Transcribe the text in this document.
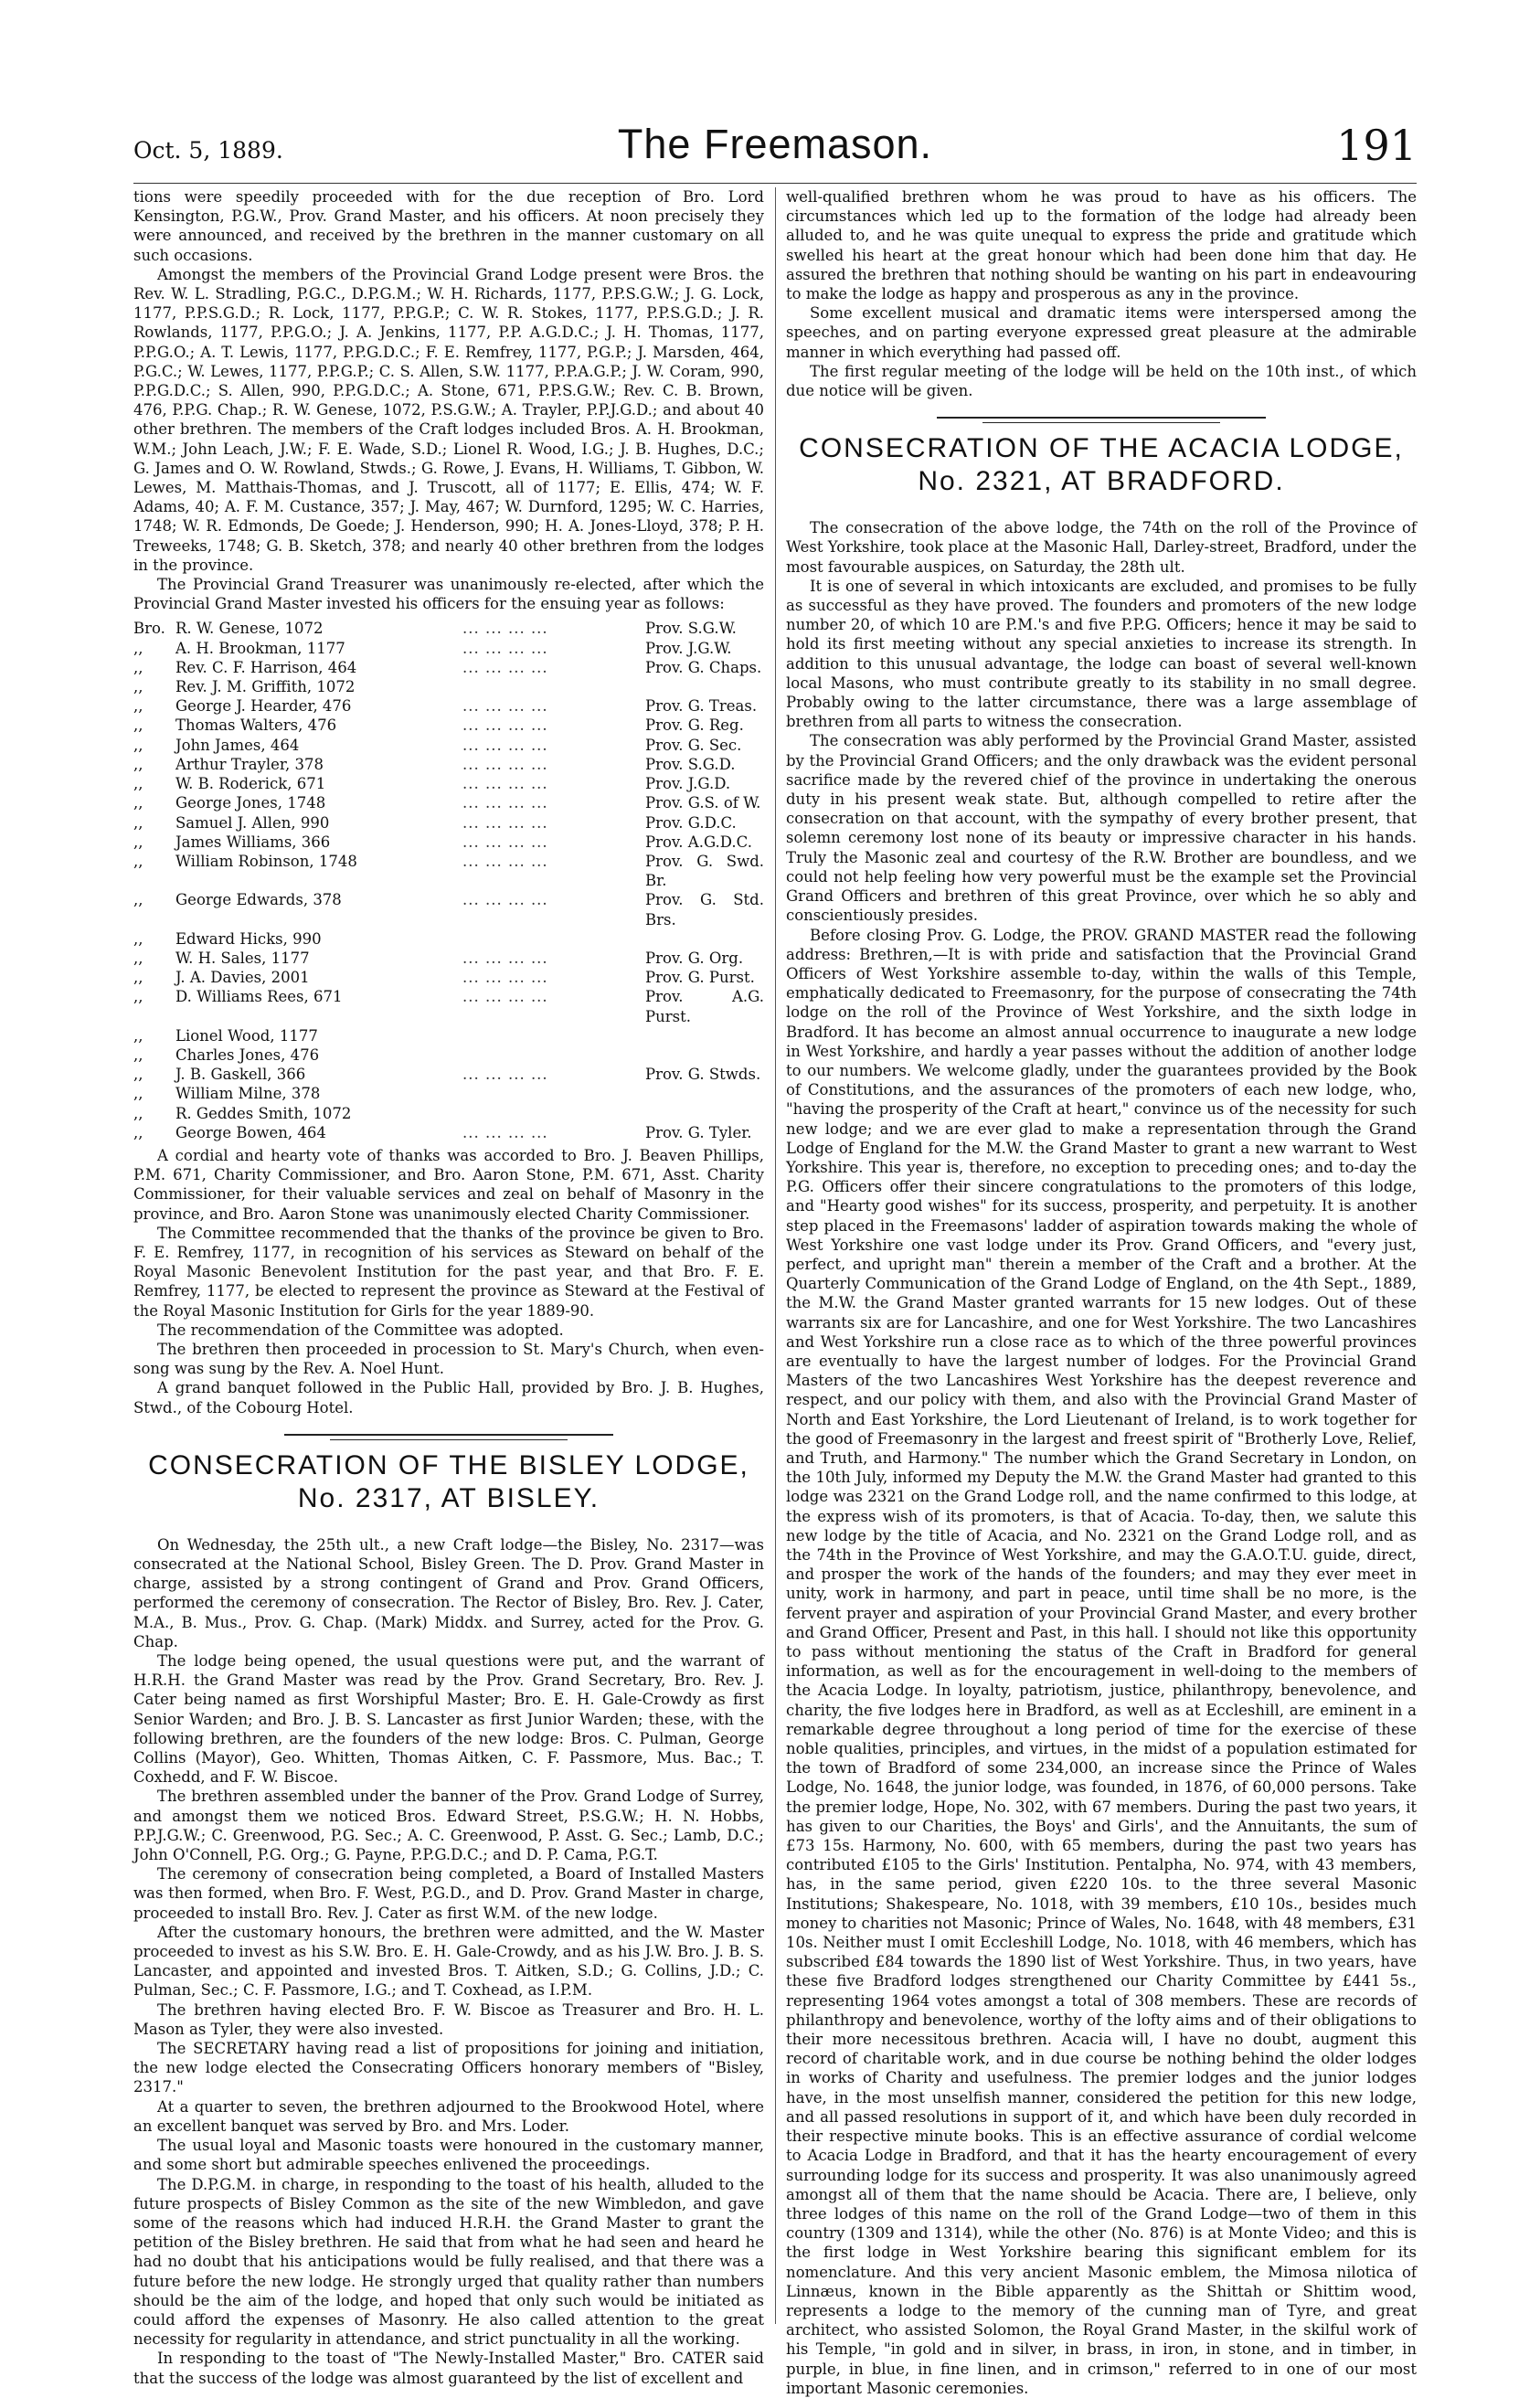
Oct. 5, 1889.	The Freemason.	191

tions were speedily proceeded with for the due reception of Bro. Lord Kensington, P.G.W., Prov. Grand Master, and his officers. At noon precisely they were announced, and received by the brethren in the manner customary on all such occasions.

Amongst the members of the Provincial Grand Lodge present were Bros. the Rev. W. L. Stradling, P.G.C., D.P.G.M.; W. H. Richards, 1177, P.P.S.G.W.; J. G. Lock, 1177, P.P.S.G.D.; R. Lock, 1177, P.P.G.P.; C. W. R. Stokes, 1177, P.P.S.G.D.; J. R. Rowlands, 1177, P.P.G.O.; J. A. Jenkins, 1177, P.P. A.G.D.C.; J. H. Thomas, 1177, P.P.G.O.; A. T. Lewis, 1177, P.P.G.D.C.; F. E. Remfrey, 1177, P.G.P.; J. Marsden, 464, P.G.C.; W. Lewes, 1177, P.P.G.P.; C. S. Allen, S.W. 1177, P.P.A.G.P.; J. W. Coram, 990, P.P.G.D.C.; S. Allen, 990, P.P.G.D.C.; A. Stone, 671, P.P.S.G.W.; Rev. C. B. Brown, 476, P.P.G. Chap.; R. W. Genese, 1072, P.S.G.W.; A. Trayler, P.P.J.G.D.; and about 40 other brethren. The members of the Craft lodges included Bros. A. H. Brookman, W.M.; John Leach, J.W.; F. E. Wade, S.D.; Lionel R. Wood, I.G.; J. B. Hughes, D.C.; G. James and O. W. Rowland, Stwds.; G. Rowe, J. Evans, H. Williams, T. Gibbon, W. Lewes, M. Matthais-Thomas, and J. Truscott, all of 1177; E. Ellis, 474; W. F. Adams, 40; A. F. M. Custance, 357; J. May, 467; W. Durnford, 1295; W. C. Harries, 1748; W. R. Edmonds, De Goede; J. Henderson, 990; H. A. Jones-Lloyd, 378; P. H. Treweeks, 1748; G. B. Sketch, 378; and nearly 40 other brethren from the lodges in the province.

The Provincial Grand Treasurer was unanimously re-elected, after which the Provincial Grand Master invested his officers for the ensuing year as follows:

Bro.	R. W. Genese, 1072	... ... ... ...	Prov. S.G.W.
,,	A. H. Brookman, 1177	... ... ... ...	Prov. J.G.W.
,,	Rev. C. F. Harrison, 464	... ... ... ...	Prov. G. Chaps.
,,	Rev. J. M. Griffith, 1072		
,,	George J. Hearder, 476	... ... ... ...	Prov. G. Treas.
,,	Thomas Walters, 476	... ... ... ...	Prov. G. Reg.
,,	John James, 464	... ... ... ...	Prov. G. Sec.
,,	Arthur Trayler, 378	... ... ... ...	Prov. S.G.D.
,,	W. B. Roderick, 671	... ... ... ...	Prov. J.G.D.
,,	George Jones, 1748	... ... ... ...	Prov. G.S. of W.
,,	Samuel J. Allen, 990	... ... ... ...	Prov. G.D.C.
,,	James Williams, 366	... ... ... ...	Prov. A.G.D.C.
,,	William Robinson, 1748	... ... ... ...	Prov. G. Swd. Br.
,,	George Edwards, 378	... ... ... ...	Prov. G. Std. Brs.
,,	Edward Hicks, 990		
,,	W. H. Sales, 1177	... ... ... ...	Prov. G. Org.
,,	J. A. Davies, 2001	... ... ... ...	Prov. G. Purst.
,,	D. Williams Rees, 671	... ... ... ...	Prov. A.G. Purst.
,,	Lionel Wood, 1177		
,,	Charles Jones, 476		
,,	J. B. Gaskell, 366	... ... ... ...	Prov. G. Stwds.
,,	William Milne, 378		
,,	R. Geddes Smith, 1072		
,,	George Bowen, 464	... ... ... ...	Prov. G. Tyler.

A cordial and hearty vote of thanks was accorded to Bro. J. Beaven Phillips, P.M. 671, Charity Commissioner, and Bro. Aaron Stone, P.M. 671, Asst. Charity Commissioner, for their valuable services and zeal on behalf of Masonry in the province, and Bro. Aaron Stone was unanimously elected Charity Commissioner.

The Committee recommended that the thanks of the province be given to Bro. F. E. Remfrey, 1177, in recognition of his services as Steward on behalf of the Royal Masonic Benevolent Institution for the past year, and that Bro. F. E. Remfrey, 1177, be elected to represent the province as Steward at the Festival of the Royal Masonic Institution for Girls for the year 1889-90.

The recommendation of the Committee was adopted.

The brethren then proceeded in procession to St. Mary's Church, when even-song was sung by the Rev. A. Noel Hunt.

A grand banquet followed in the Public Hall, provided by Bro. J. B. Hughes, Stwd., of the Cobourg Hotel.

CONSECRATION OF THE BISLEY LODGE,
No. 2317, AT BISLEY.

On Wednesday, the 25th ult., a new Craft lodge—the Bisley, No. 2317—was consecrated at the National School, Bisley Green. The D. Prov. Grand Master in charge, assisted by a strong contingent of Grand and Prov. Grand Officers, performed the ceremony of consecration. The Rector of Bisley, Bro. Rev. J. Cater, M.A., B. Mus., Prov. G. Chap. (Mark) Middx. and Surrey, acted for the Prov. G. Chap.

The lodge being opened, the usual questions were put, and the warrant of H.R.H. the Grand Master was read by the Prov. Grand Secretary, Bro. Rev. J. Cater being named as first Worshipful Master; Bro. E. H. Gale-Crowdy as first Senior Warden; and Bro. J. B. S. Lancaster as first Junior Warden; these, with the following brethren, are the founders of the new lodge: Bros. C. Pulman, George Collins (Mayor), Geo. Whitten, Thomas Aitken, C. F. Passmore, Mus. Bac.; T. Coxhedd, and F. W. Biscoe.

The brethren assembled under the banner of the Prov. Grand Lodge of Surrey, and amongst them we noticed Bros. Edward Street, P.S.G.W.; H. N. Hobbs, P.P.J.G.W.; C. Greenwood, P.G. Sec.; A. C. Greenwood, P. Asst. G. Sec.; Lamb, D.C.; John O'Connell, P.G. Org.; G. Payne, P.P.G.D.C.; and D. P. Cama, P.G.T.

The ceremony of consecration being completed, a Board of Installed Masters was then formed, when Bro. F. West, P.G.D., and D. Prov. Grand Master in charge, proceeded to install Bro. Rev. J. Cater as first W.M. of the new lodge.

After the customary honours, the brethren were admitted, and the W. Master proceeded to invest as his S.W. Bro. E. H. Gale-Crowdy, and as his J.W. Bro. J. B. S. Lancaster, and appointed and invested Bros. T. Aitken, S.D.; G. Collins, J.D.; C. Pulman, Sec.; C. F. Passmore, I.G.; and T. Coxhead, as I.P.M.

The brethren having elected Bro. F. W. Biscoe as Treasurer and Bro. H. L. Mason as Tyler, they were also invested.

The SECRETARY having read a list of propositions for joining and initiation, the new lodge elected the Consecrating Officers honorary members of "Bisley, 2317."

At a quarter to seven, the brethren adjourned to the Brookwood Hotel, where an excellent banquet was served by Bro. and Mrs. Loder.

The usual loyal and Masonic toasts were honoured in the customary manner, and some short but admirable speeches enlivened the proceedings.

The D.P.G.M. in charge, in responding to the toast of his health, alluded to the future prospects of Bisley Common as the site of the new Wimbledon, and gave some of the reasons which had induced H.R.H. the Grand Master to grant the petition of the Bisley brethren. He said that from what he had seen and heard he had no doubt that his anticipations would be fully realised, and that there was a future before the new lodge. He strongly urged that quality rather than numbers should be the aim of the lodge, and hoped that only such would be initiated as could afford the expenses of Masonry. He also called attention to the great necessity for regularity in attendance, and strict punctuality in all the working.

In responding to the toast of "The Newly-Installed Master," Bro. CATER said that the success of the lodge was almost guaranteed by the list of excellent and

well-qualified brethren whom he was proud to have as his officers. The circumstances which led up to the formation of the lodge had already been alluded to, and he was quite unequal to express the pride and gratitude which swelled his heart at the great honour which had been done him that day. He assured the brethren that nothing should be wanting on his part in endeavouring to make the lodge as happy and prosperous as any in the province.

Some excellent musical and dramatic items were interspersed among the speeches, and on parting everyone expressed great pleasure at the admirable manner in which everything had passed off.

The first regular meeting of the lodge will be held on the 10th inst., of which due notice will be given.

CONSECRATION OF THE ACACIA LODGE,
No. 2321, AT BRADFORD.

The consecration of the above lodge, the 74th on the roll of the Province of West Yorkshire, took place at the Masonic Hall, Darley-street, Bradford, under the most favourable auspices, on Saturday, the 28th ult.

It is one of several in which intoxicants are excluded, and promises to be fully as successful as they have proved. The founders and promoters of the new lodge number 20, of which 10 are P.M.'s and five P.P.G. Officers; hence it may be said to hold its first meeting without any special anxieties to increase its strength. In addition to this unusual advantage, the lodge can boast of several well-known local Masons, who must contribute greatly to its stability in no small degree. Probably owing to the latter circumstance, there was a large assemblage of brethren from all parts to witness the consecration.

The consecration was ably performed by the Provincial Grand Master, assisted by the Provincial Grand Officers; and the only drawback was the evident personal sacrifice made by the revered chief of the province in undertaking the onerous duty in his present weak state. But, although compelled to retire after the consecration on that account, with the sympathy of every brother present, that solemn ceremony lost none of its beauty or impressive character in his hands. Truly the Masonic zeal and courtesy of the R.W. Brother are boundless, and we could not help feeling how very powerful must be the example set the Provincial Grand Officers and brethren of this great Province, over which he so ably and conscientiously presides.

Before closing Prov. G. Lodge, the PROV. GRAND MASTER read the following address: Brethren,—It is with pride and satisfaction that the Provincial Grand Officers of West Yorkshire assemble to-day, within the walls of this Temple, emphatically dedicated to Freemasonry, for the purpose of consecrating the 74th lodge on the roll of the Province of West Yorkshire, and the sixth lodge in Bradford. It has become an almost annual occurrence to inaugurate a new lodge in West Yorkshire, and hardly a year passes without the addition of another lodge to our numbers. We welcome gladly, under the guarantees provided by the Book of Constitutions, and the assurances of the promoters of each new lodge, who, "having the prosperity of the Craft at heart," convince us of the necessity for such new lodge; and we are ever glad to make a representation through the Grand Lodge of England for the M.W. the Grand Master to grant a new warrant to West Yorkshire. This year is, therefore, no exception to preceding ones; and to-day the P.G. Officers offer their sincere congratulations to the promoters of this lodge, and "Hearty good wishes" for its success, prosperity, and perpetuity. It is another step placed in the Freemasons' ladder of aspiration towards making the whole of West Yorkshire one vast lodge under its Prov. Grand Officers, and "every just, perfect, and upright man" therein a member of the Craft and a brother. At the Quarterly Communication of the Grand Lodge of England, on the 4th Sept., 1889, the M.W. the Grand Master granted warrants for 15 new lodges. Out of these warrants six are for Lancashire, and one for West Yorkshire. The two Lancashires and West Yorkshire run a close race as to which of the three powerful provinces are eventually to have the largest number of lodges. For the Provincial Grand Masters of the two Lancashires West Yorkshire has the deepest reverence and respect, and our policy with them, and also with the Provincial Grand Master of North and East Yorkshire, the Lord Lieutenant of Ireland, is to work together for the good of Freemasonry in the largest and freest spirit of "Brotherly Love, Relief, and Truth, and Harmony." The number which the Grand Secretary in London, on the 10th July, informed my Deputy the M.W. the Grand Master had granted to this lodge was 2321 on the Grand Lodge roll, and the name confirmed to this lodge, at the express wish of its promoters, is that of Acacia. To-day, then, we salute this new lodge by the title of Acacia, and No. 2321 on the Grand Lodge roll, and as the 74th in the Province of West Yorkshire, and may the G.A.O.T.U. guide, direct, and prosper the work of the hands of the founders; and may they ever meet in unity, work in harmony, and part in peace, until time shall be no more, is the fervent prayer and aspiration of your Provincial Grand Master, and every brother and Grand Officer, Present and Past, in this hall. I should not like this opportunity to pass without mentioning the status of the Craft in Bradford for general information, as well as for the encouragement in well-doing to the members of the Acacia Lodge. In loyalty, patriotism, justice, philanthropy, benevolence, and charity, the five lodges here in Bradford, as well as at Eccleshill, are eminent in a remarkable degree throughout a long period of time for the exercise of these noble qualities, principles, and virtues, in the midst of a population estimated for the town of Bradford of some 234,000, an increase since the Prince of Wales Lodge, No. 1648, the junior lodge, was founded, in 1876, of 60,000 persons. Take the premier lodge, Hope, No. 302, with 67 members. During the past two years, it has given to our Charities, the Boys' and Girls', and the Annuitants, the sum of £73 15s. Harmony, No. 600, with 65 members, during the past two years has contributed £105 to the Girls' Institution. Pentalpha, No. 974, with 43 members, has, in the same period, given £220 10s. to the three several Masonic Institutions; Shakespeare, No. 1018, with 39 members, £10 10s., besides much money to charities not Masonic; Prince of Wales, No. 1648, with 48 members, £31 10s. Neither must I omit Eccleshill Lodge, No. 1018, with 46 members, which has subscribed £84 towards the 1890 list of West Yorkshire. Thus, in two years, have these five Bradford lodges strengthened our Charity Committee by £441 5s., representing 1964 votes amongst a total of 308 members. These are records of philanthropy and benevolence, worthy of the lofty aims and of their obligations to their more necessitous brethren. Acacia will, I have no doubt, augment this record of charitable work, and in due course be nothing behind the older lodges in works of Charity and usefulness. The premier lodges and the junior lodges have, in the most unselfish manner, considered the petition for this new lodge, and all passed resolutions in support of it, and which have been duly recorded in their respective minute books. This is an effective assurance of cordial welcome to Acacia Lodge in Bradford, and that it has the hearty encouragement of every surrounding lodge for its success and prosperity. It was also unanimously agreed amongst all of them that the name should be Acacia. There are, I believe, only three lodges of this name on the roll of the Grand Lodge—two of them in this country (1309 and 1314), while the other (No. 876) is at Monte Video; and this is the first lodge in West Yorkshire bearing this significant emblem for its nomenclature. And this very ancient Masonic emblem, the Mimosa nilotica of Linnæus, known in the Bible apparently as the Shittah or Shittim wood, represents a lodge to the memory of the cunning man of Tyre, and great architect, who assisted Solomon, the Royal Grand Master, in the skilful work of his Temple, "in gold and in silver, in brass, in iron, in stone, and in timber, in purple, in blue, in fine linen, and in crimson," referred to in one of our most important Masonic ceremonies.
